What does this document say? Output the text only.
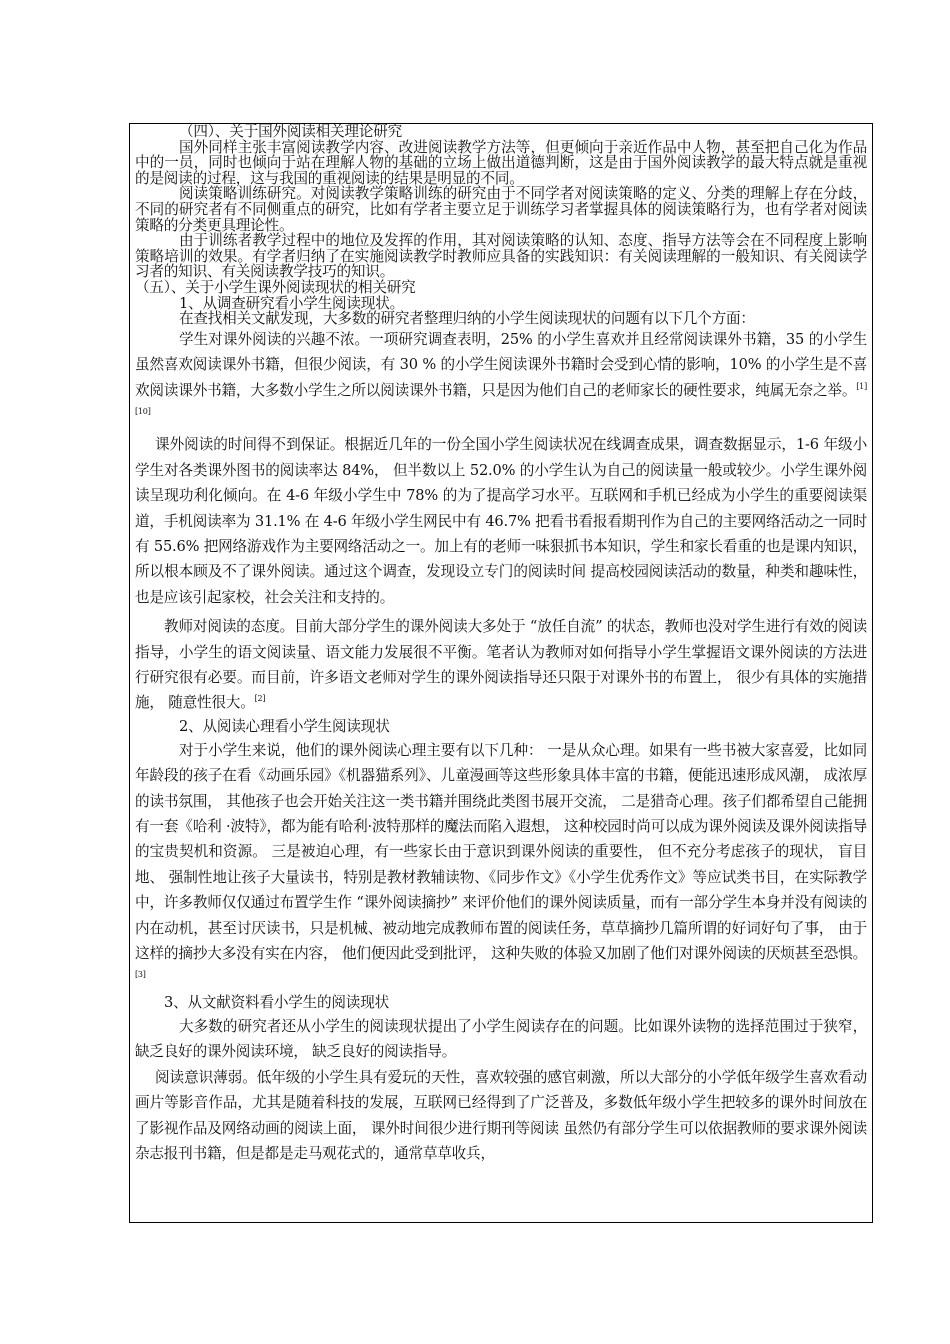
（四）、关于国外阅读相关理论研究

国外同样主张丰富阅读教学内容、改进阅读教学方法等，但更倾向于亲近作品中人物，甚至把自己化为作品中的一员，同时也倾向于站在理解人物的基础的立场上做出道德判断，这是由于国外阅读教学的最大特点就是重视的是阅读的过程，这与我国的重视阅读的结果是明显的不同。

阅读策略训练研究。对阅读教学策略训练的研究由于不同学者对阅读策略的定义、分类的理解上存在分歧，不同的研究者有不同侧重点的研究，比如有学者主要立足于训练学习者掌握具体的阅读策略行为，也有学者对阅读策略的分类更具理论性。

由于训练者教学过程中的地位及发挥的作用，其对阅读策略的认知、态度、指导方法等会在不同程度上影响策略培训的效果。有学者归纳了在实施阅读教学时教师应具备的实践知识：有关阅读理解的一般知识、有关阅读学习者的知识、有关阅读教学技巧的知识。

（五）、关于小学生课外阅读现状的相关研究

1、从调查研究看小学生阅读现状。

在查找相关文献发现，大多数的研究者整理归纳的小学生阅读现状的问题有以下几个方面：

学生对课外阅读的兴趣不浓。一项研究调查表明，25% 的小学生喜欢并且经常阅读课外书籍，35 的小学生虽然喜欢阅读课外书籍，但很少阅读，有 30 % 的小学生阅读课外书籍时会受到心情的影响，10% 的小学生是不喜欢阅读课外书籍，大多数小学生之所以阅读课外书籍，只是因为他们自己的老师家长的硬性要求，纯属无奈之举。[1][10]

课外阅读的时间得不到保证。根据近几年的一份全国小学生阅读状况在线调查成果，调查数据显示，1-6 年级小学生对各类课外图书的阅读率达 84%， 但半数以上 52.0% 的小学生认为自己的阅读量一般或较少。小学生课外阅读呈现功利化倾向。在 4-6 年级小学生中 78% 的为了提高学习水平。互联网和手机已经成为小学生的重要阅读渠道，手机阅读率为 31.1% 在 4-6 年级小学生网民中有 46.7% 把看书看报看期刊作为自己的主要网络活动之一同时有 55.6% 把网络游戏作为主要网络活动之一。加上有的老师一味狠抓书本知识，学生和家长看重的也是课内知识，所以根本顾及不了课外阅读。通过这个调查，发现设立专门的阅读时间 提高校园阅读活动的数量，种类和趣味性，也是应该引起家校，社会关注和支持的。

教师对阅读的态度。目前大部分学生的课外阅读大多处于 “放任自流” 的状态，教师也没对学生进行有效的阅读指导，小学生的语文阅读量、语文能力发展很不平衡。笔者认为教师对如何指导小学生掌握语文课外阅读的方法进行研究很有必要。而目前，许多语文老师对学生的课外阅读指导还只限于对课外书的布置上， 很少有具体的实施措施， 随意性很大。[2]

2、从阅读心理看小学生阅读现状

对于小学生来说，他们的课外阅读心理主要有以下几种： 一是从众心理。如果有一些书被大家喜爱，比如同年龄段的孩子在看《动画乐园》《机器猫系列》、儿童漫画等这些形象具体丰富的书籍，便能迅速形成风潮， 成浓厚的读书氛围， 其他孩子也会开始关注这一类书籍并围绕此类图书展开交流， 二是猎奇心理。孩子们都希望自己能拥有一套《哈利 ·波特》，都为能有哈利·波特那样的魔法而陷入遐想， 这种校园时尚可以成为课外阅读及课外阅读指导的宝贵契机和资源。 三是被迫心理，有一些家长由于意识到课外阅读的重要性， 但不充分考虑孩子的现状， 盲目地、 强制性地让孩子大量读书，特别是教材教辅读物、《同步作文》《小学生优秀作文》等应试类书目，在实际教学中，许多教师仅仅通过布置学生作 “课外阅读摘抄” 来评价他们的课外阅读质量，而有一部分学生本身并没有阅读的内在动机，甚至讨厌读书，只是机械、被动地完成教师布置的阅读任务，草草摘抄几篇所谓的好词好句了事， 由于这样的摘抄大多没有实在内容， 他们便因此受到批评， 这种失败的体验又加剧了他们对课外阅读的厌烦甚至恐惧。[3]

3、从文献资料看小学生的阅读现状

大多数的研究者还从小学生的阅读现状提出了小学生阅读存在的问题。比如课外读物的选择范围过于狭窄， 缺乏良好的课外阅读环境， 缺乏良好的阅读指导。

阅读意识薄弱。低年级的小学生具有爱玩的天性，喜欢较强的感官刺激，所以大部分的小学低年级学生喜欢看动画片等影音作品，尤其是随着科技的发展，互联网已经得到了广泛普及，多数低年级小学生把较多的课外时间放在了影视作品及网络动画的阅读上面， 课外时间很少进行期刊等阅读 虽然仍有部分学生可以依据教师的要求课外阅读杂志报刊书籍，但是都是走马观花式的，通常草草收兵，
